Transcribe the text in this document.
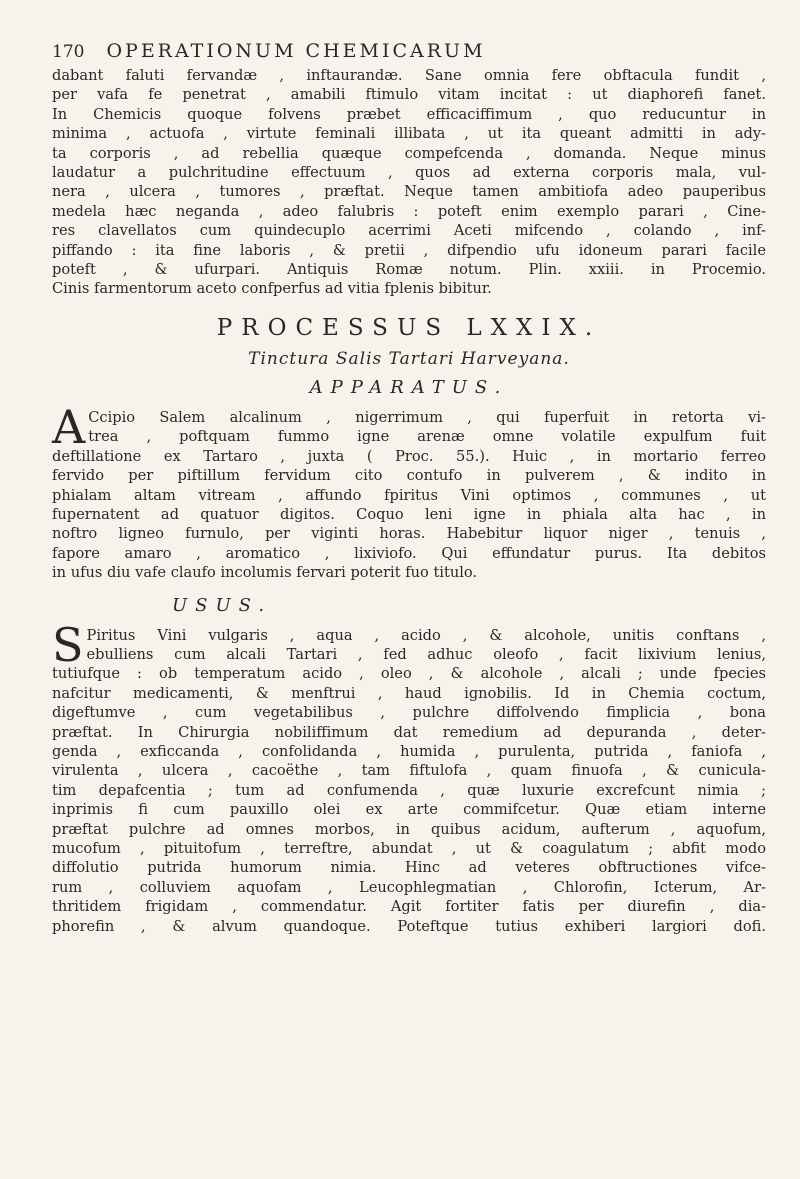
170 OPERATIONUM CHEMICARUM

dabant faluti fervandæ , inftaurandæ. Sane omnia fere obftacula fundit ,
per vafa fe penetrat , amabili ftimulo vitam incitat : ut diaphorefi fanet.
In Chemicis quoque folvens præbet efficaciffimum , quo reducuntur in
minima , actuofa , virtute feminali illibata , ut ita queant admitti in ady-
ta corporis , ad rebellia quæque compefcenda , domanda. Neque minus
laudatur a pulchritudine effectuum , quos ad externa corporis mala, vul-
nera , ulcera , tumores , præftat. Neque tamen ambitiofa adeo pauperibus
medela hæc neganda , adeo falubris : poteft enim exemplo parari , Cine-
res clavellatos cum quindecuplo acerrimi Aceti mifcendo , colando , inf-
piffando : ita fine laboris , & pretii , difpendio ufu idoneum parari facile
poteft , & ufurpari. Antiquis Romæ notum. Plin. xxiii. in Procemio.
Cinis farmentorum aceto confperfus ad vitia fplenis bibitur.

PROCESSUS LXXIX.
Tinctura Salis Tartari Harveyana.
APPARATUS.

A Ccipio Salem alcalinum , nigerrimum , qui fuperfuit in retorta vi-
trea , poftquam fummo igne arenæ omne volatile expulfum fuit
deftillatione ex Tartaro , juxta ( Proc. 55.). Huic , in mortario ferreo
fervido per piftillum fervidum cito contufo in pulverem , & indito in
phialam altam vitream , affundo fpiritus Vini optimos , communes , ut
fupernatent ad quatuor digitos. Coquo leni igne in phiala alta hac , in
noftro ligneo furnulo, per viginti horas. Habebitur liquor niger , tenuis ,
fapore amaro , aromatico , lixiviofo. Qui effundatur purus. Ita debitos
in ufus diu vafe claufo incolumis fervari poterit fuo titulo.

USUS.

S Piritus Vini vulgaris , aqua , acido , & alcohole, unitis conftans ,
ebulliens cum alcali Tartari , fed adhuc oleofo , facit lixivium lenius,
tutiufque : ob temperatum acido , oleo , & alcohole , alcali ; unde fpecies
nafcitur medicamenti, & menftrui , haud ignobilis. Id in Chemia coctum,
digeftumve , cum vegetabilibus , pulchre diffolvendo fimplicia , bona
præftat. In Chirurgia nobiliffimum dat remedium ad depuranda , deter-
genda , exficcanda , confolidanda , humida , purulenta, putrida , faniofa ,
virulenta , ulcera , cacoëthe , tam fiftulofa , quam finuofa , & cunicula-
tim depafcentia ; tum ad confumenda , quæ luxurie excrefcunt nimia ;
inprimis fi cum pauxillo olei ex arte commifcetur. Quæ etiam interne
præftat pulchre ad omnes morbos, in quibus acidum, aufterum , aquofum,
mucofum , pituitofum , terreftre, abundat , ut & coagulatum ; abfit modo
diffolutio putrida humorum nimia. Hinc ad veteres obftructiones vifce-
rum , colluviem aquofam , Leucophlegmatian , Chlorofin, Icterum, Ar-
thritidem frigidam , commendatur. Agit fortiter fatis per diurefin , dia-
phorefin , & alvum quandoque. Poteftque tutius exhiberi largiori dofi.
